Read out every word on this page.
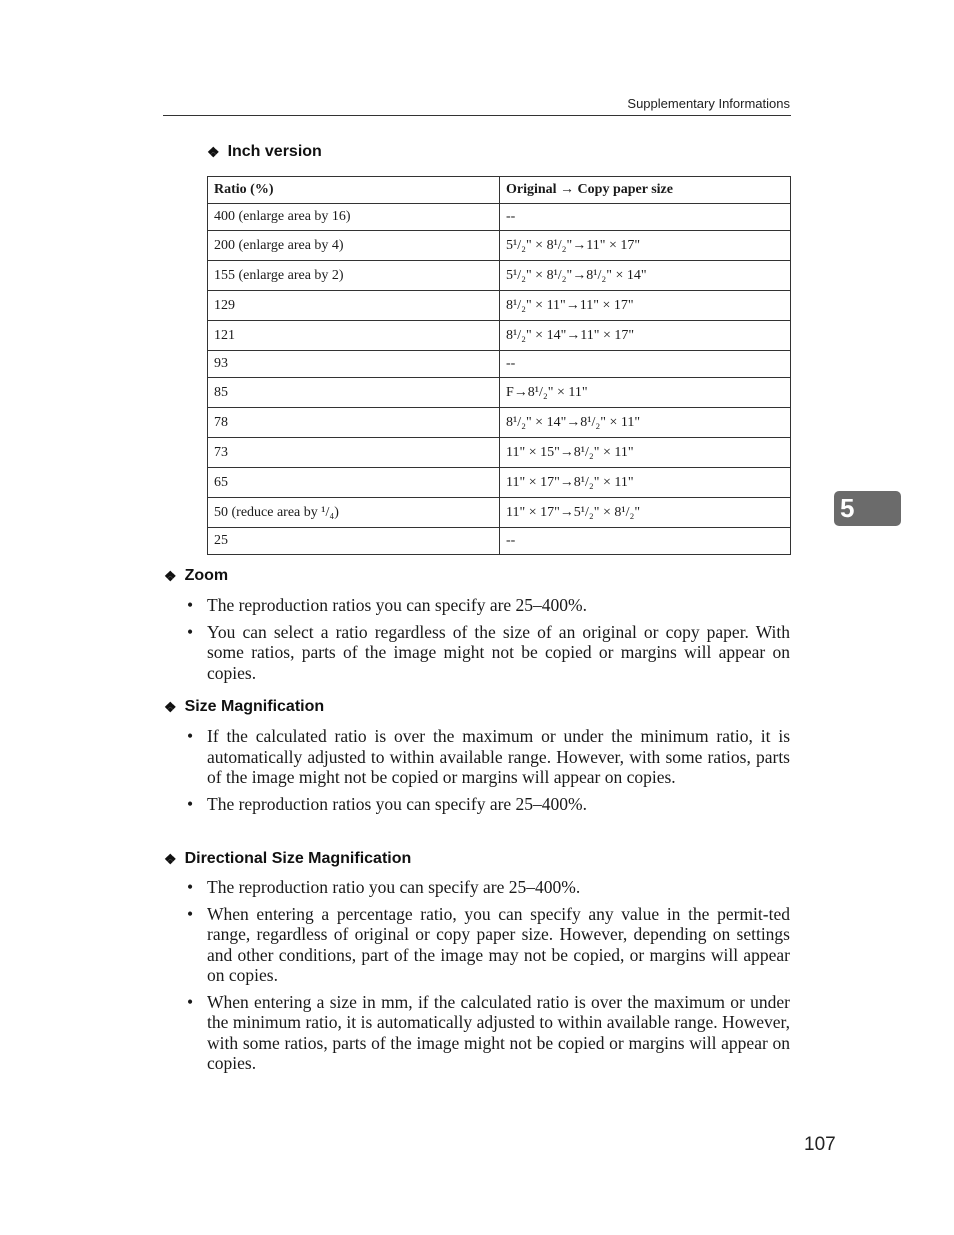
Supplementary Informations
❖ Inch version
Ratio (%)	Original → Copy paper size
400 (enlarge area by 16)	--
200 (enlarge area by 4)	5¹/₂" × 8¹/₂"→11" × 17"
155 (enlarge area by 2)	5¹/₂" × 8¹/₂"→8¹/₂" × 14"
129	8¹/₂" × 11"→11" × 17"
121	8¹/₂" × 14"→11" × 17"
93	--
85	F→8¹/₂" × 11"
78	8¹/₂" × 14"→8¹/₂" × 11"
73	11" × 15"→8¹/₂" × 11"
65	11" × 17"→8¹/₂" × 11"
50 (reduce area by ¹/₄)	11" × 17"→5¹/₂" × 8¹/₂"
25	--
❖ Zoom
• The reproduction ratios you can specify are 25–400%.
• You can select a ratio regardless of the size of an original or copy paper. With some ratios, parts of the image might not be copied or margins will appear on copies.
❖ Size Magnification
• If the calculated ratio is over the maximum or under the minimum ratio, it is automatically adjusted to within available range. However, with some ratios, parts of the image might not be copied or margins will appear on copies.
• The reproduction ratios you can specify are 25–400%.
❖ Directional Size Magnification
• The reproduction ratio you can specify are 25–400%.
• When entering a percentage ratio, you can specify any value in the permit-ted range, regardless of original or copy paper size. However, depending on settings and other conditions, part of the image may not be copied, or margins will appear on copies.
• When entering a size in mm, if the calculated ratio is over the maximum or under the minimum ratio, it is automatically adjusted to within available range. However, with some ratios, parts of the image might not be copied or margins will appear on copies.
5
107
